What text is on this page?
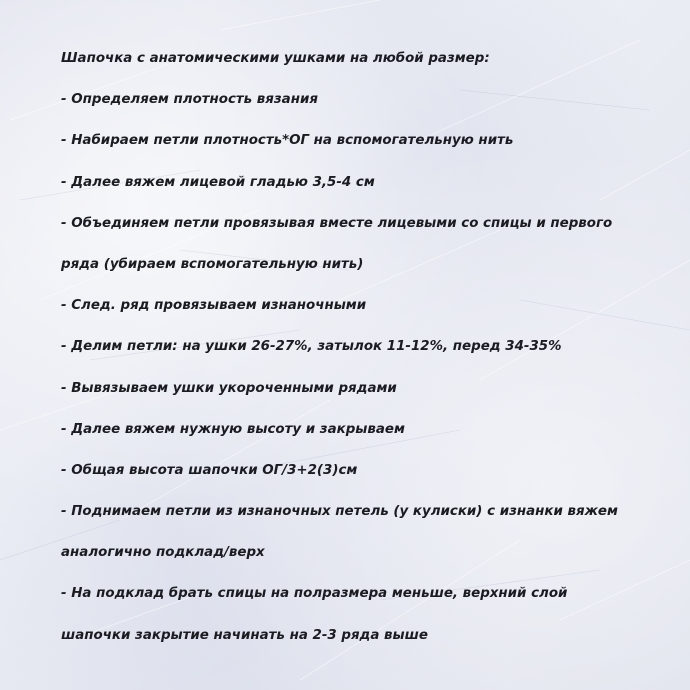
Шапочка с анатомическими ушками на любой размер:
- Определяем плотность вязания
- Набираем петли плотность*ОГ на вспомогательную нить
- Далее вяжем лицевой гладью 3,5-4 см
- Объединяем петли провязывая вместе лицевыми со спицы и первого
ряда (убираем вспомогательную нить)
- След. ряд провязываем изнаночными
- Делим петли: на ушки 26-27%, затылок 11-12%, перед 34-35%
- Вывязываем ушки укороченными рядами
- Далее вяжем нужную высоту и закрываем
- Общая высота шапочки ОГ/3+2(3)см
- Поднимаем петли из изнаночных петель (у кулиски) с изнанки вяжем
аналогично подклад/верх
- На подклад брать спицы на полразмера меньше, верхний слой
шапочки закрытие начинать на 2-3 ряда выше
